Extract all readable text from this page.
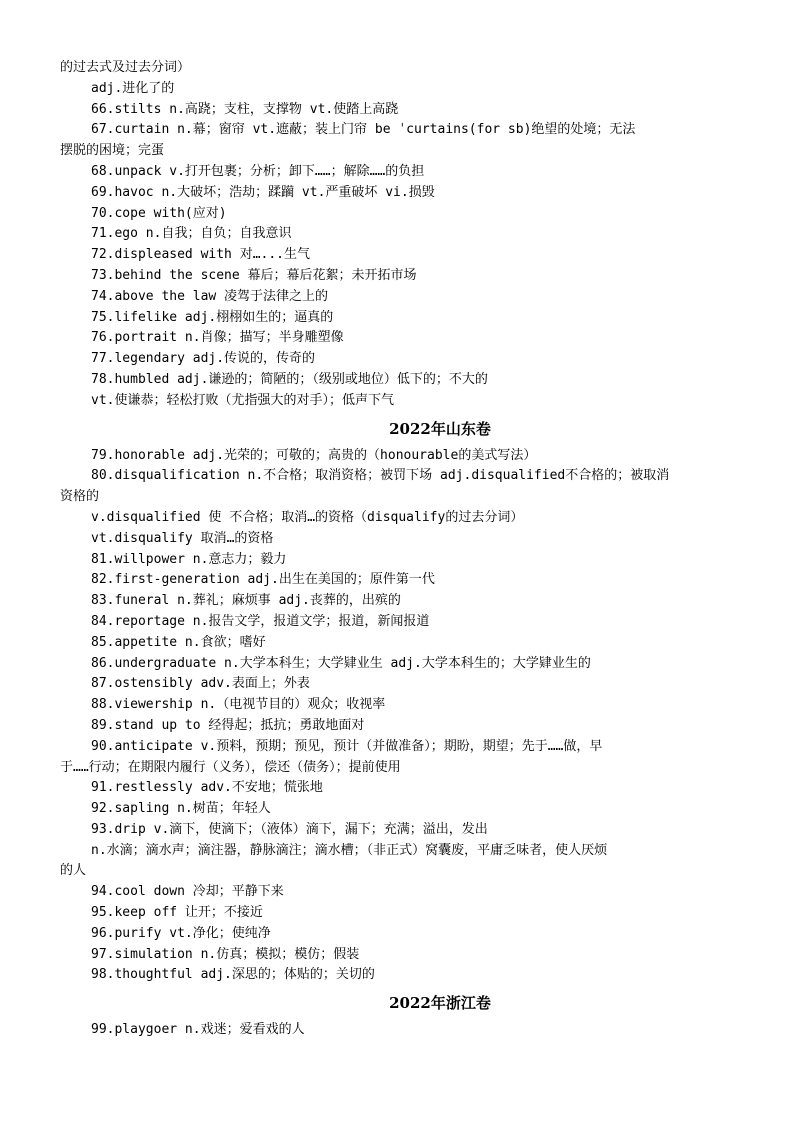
的过去式及过去分词）
adj.进化了的
66.stilts n.高跷；支柱，支撑物 vt.使踏上高跷
67.curtain n.幕；窗帘 vt.遮蔽；装上门帘 be ˈcurtains(for sb)绝望的处境；无法
摆脱的困境；完蛋
68.unpack v.打开包裹；分析；卸下……；解除……的负担
69.havoc n.大破坏；浩劫；蹂躏 vt.严重破坏 vi.损毁
70.cope with(应对)
71.ego n.自我；自负；自我意识
72.displeased with 对…...生气
73.behind the scene 幕后；幕后花絮；未开拓市场
74.above the law 凌驾于法律之上的
75.lifelike adj.栩栩如生的；逼真的
76.portrait n.肖像；描写；半身雕塑像
77.legendary adj.传说的，传奇的
78.humbled adj.谦逊的；简陋的；（级别或地位）低下的；不大的
vt.使谦恭；轻松打败（尤指强大的对手）；低声下气
2022年山东卷
79.honorable adj.光荣的；可敬的；高贵的（honourable的美式写法）
80.disqualification n.不合格；取消资格；被罚下场 adj.disqualified不合格的；被取消
资格的
v.disqualified 使 不合格；取消…的资格（disqualify的过去分词）
vt.disqualify 取消…的资格
81.willpower n.意志力；毅力
82.first-generation adj.出生在美国的；原件第一代
83.funeral n.葬礼；麻烦事 adj.丧葬的，出殡的
84.reportage n.报告文学，报道文学；报道，新闻报道
85.appetite n.食欲；嗜好
86.undergraduate n.大学本科生；大学肄业生 adj.大学本科生的；大学肄业生的
87.ostensibly adv.表面上；外表
88.viewership n.（电视节目的）观众；收视率
89.stand up to 经得起；抵抗；勇敢地面对
90.anticipate v.预料，预期；预见，预计（并做准备）；期盼，期望；先于……做，早
于……行动；在期限内履行（义务），偿还（债务）；提前使用
91.restlessly adv.不安地；慌张地
92.sapling n.树苗；年轻人
93.drip v.滴下，使滴下；（液体）滴下，漏下；充满；溢出，发出
n.水滴；滴水声；滴注器，静脉滴注；滴水槽；（非正式）窝囊废，平庸乏味者，使人厌烦
的人
94.cool down 冷却；平静下来
95.keep off 让开；不接近
96.purify vt.净化；使纯净
97.simulation n.仿真；模拟；模仿；假装
98.thoughtful adj.深思的；体贴的；关切的
2022年浙江卷
99.playgoer n.戏迷；爱看戏的人
